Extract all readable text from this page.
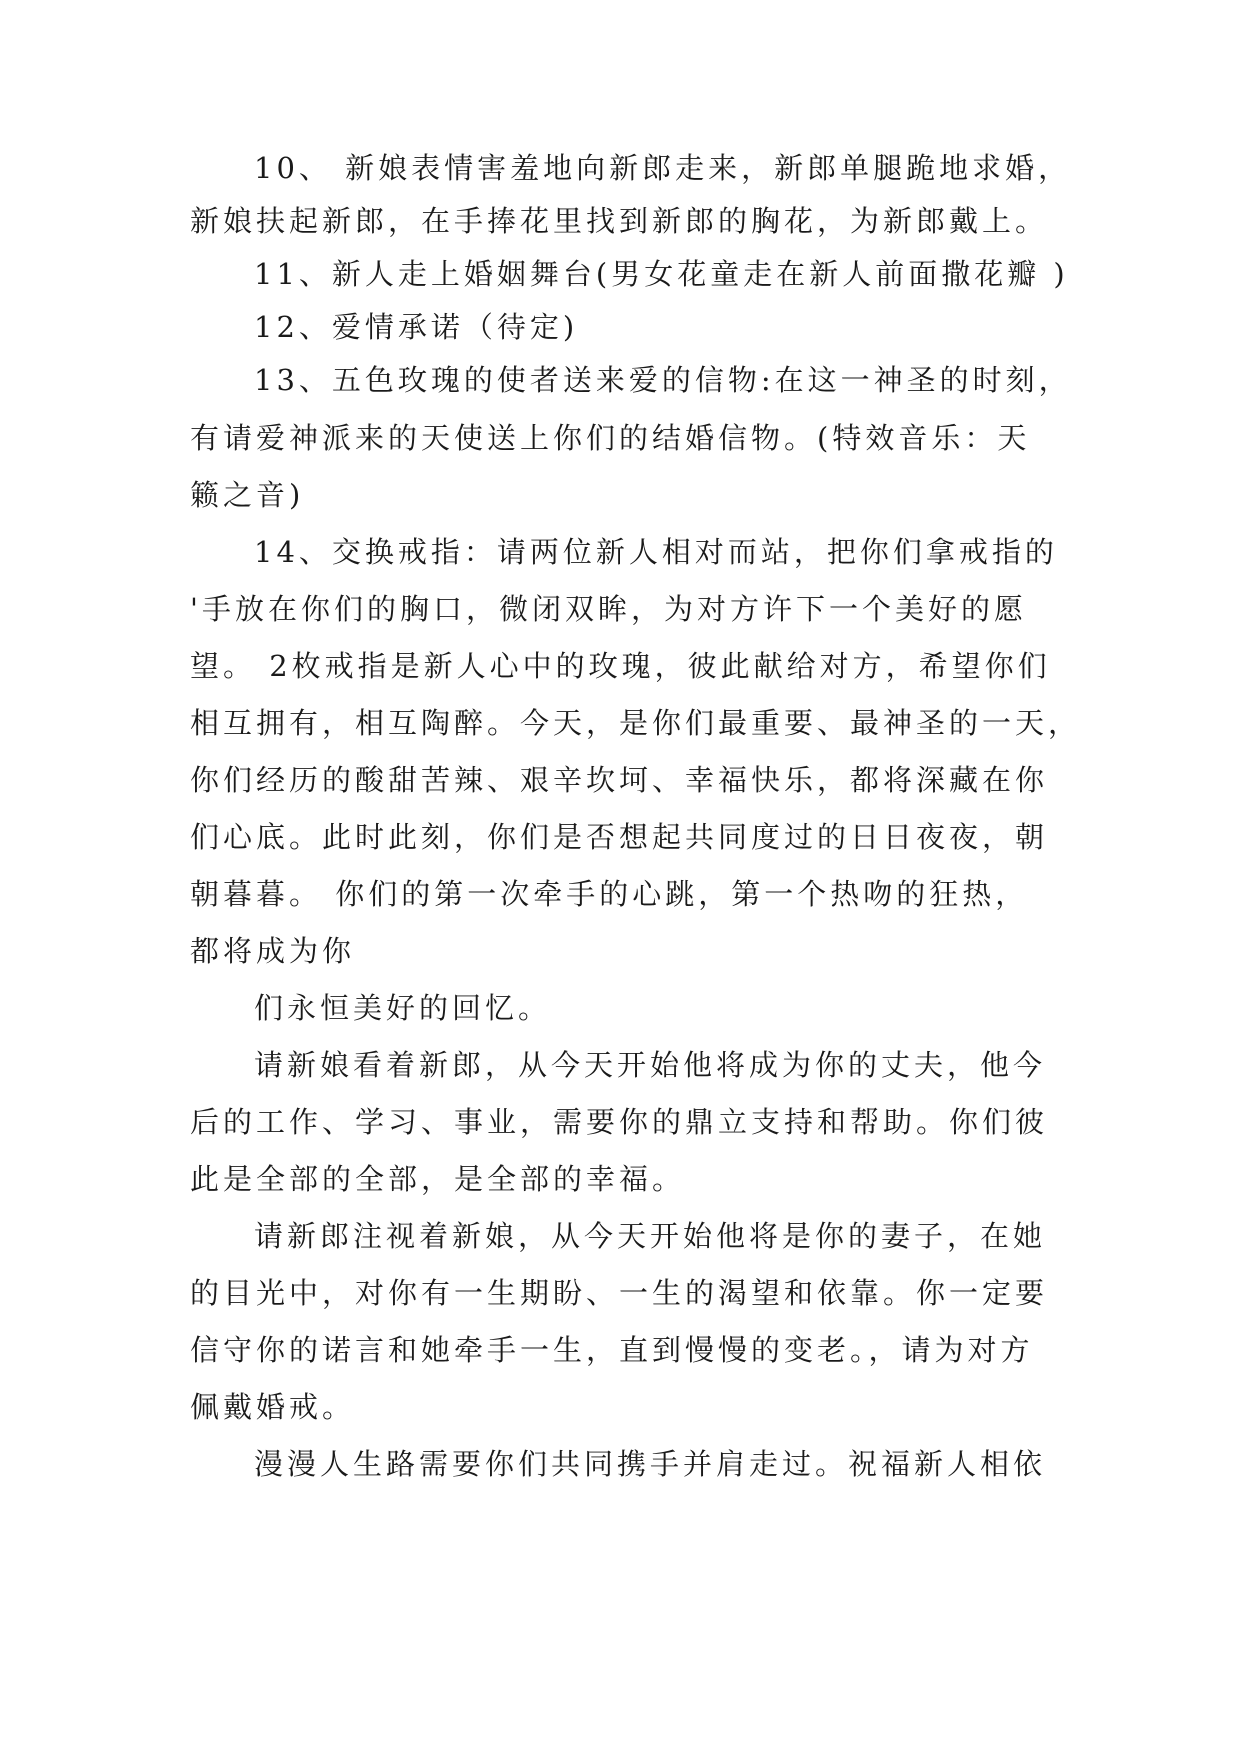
10、 新娘表情害羞地向新郎走来，新郎单腿跪地求婚，
新娘扶起新郎，在手捧花里找到新郎的胸花，为新郎戴上。
11、新人走上婚姻舞台(男女花童走在新人前面撒花瓣 )
12、爱情承诺（待定)
13、五色玫瑰的使者送来爱的信物:在这一神圣的时刻，
有请爱神派来的天使送上你们的结婚信物。(特效音乐：天
籁之音)
14、交换戒指：请两位新人相对而站，把你们拿戒指的
'手放在你们的胸口，微闭双眸，为对方许下一个美好的愿
望。 2枚戒指是新人心中的玫瑰，彼此献给对方，希望你们
相互拥有，相互陶醉。今天，是你们最重要、最神圣的一天，
你们经历的酸甜苦辣、艰辛坎坷、幸福快乐，都将深藏在你
们心底。此时此刻，你们是否想起共同度过的日日夜夜，朝
朝暮暮。 你们的第一次牵手的心跳，第一个热吻的狂热，
都将成为你
们永恒美好的回忆。
请新娘看着新郎，从今天开始他将成为你的丈夫，他今
后的工作、学习、事业，需要你的鼎立支持和帮助。你们彼
此是全部的全部，是全部的幸福。
请新郎注视着新娘，从今天开始他将是你的妻子，在她
的目光中，对你有一生期盼、一生的渴望和依靠。你一定要
信守你的诺言和她牵手一生，直到慢慢的变老。，请为对方
佩戴婚戒。
漫漫人生路需要你们共同携手并肩走过。祝福新人相依
